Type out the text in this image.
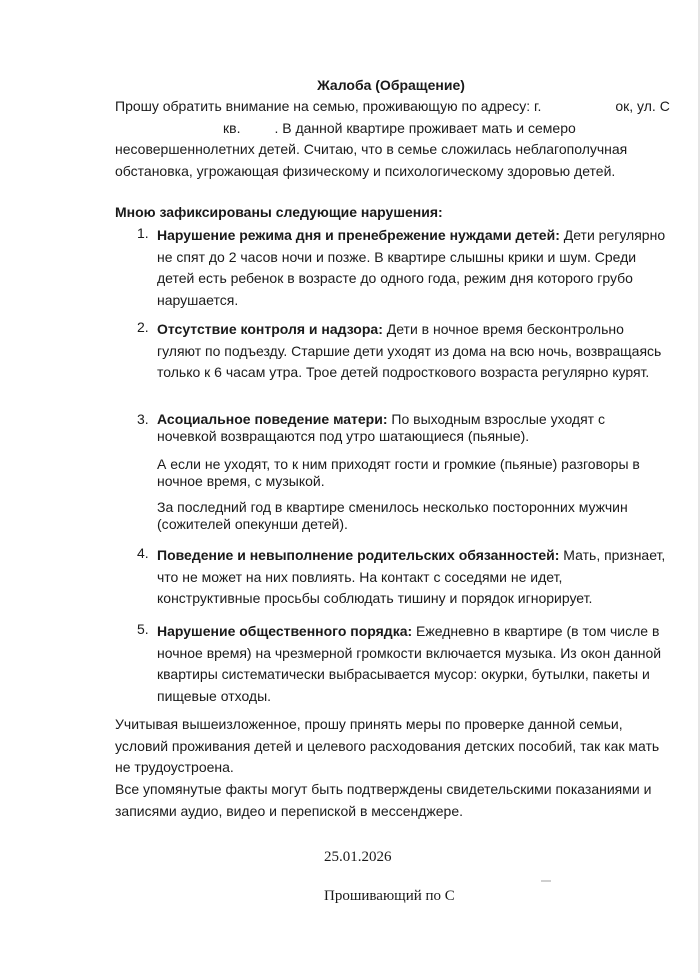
Жалоба (Обращение)

Прошу обратить внимание на семью, проживающую по адресу: г.	ок, ул. Скв. . В данной квартире проживает мать и семеро несовершеннолетних детей. Считаю, что в семье сложилась неблагополучная обстановка, угрожающая физическому и психологическому здоровью детей.

Мною зафиксированы следующие нарушения:
1. Нарушение режима дня и пренебрежение нуждами детей: Дети регулярно не спят до 2 часов ночи и позже. В квартире слышны крики и шум. Среди детей есть ребенок в возрасте до одного года, режим дня которого грубо нарушается.
2. Отсутствие контроля и надзора: Дети в ночное время бесконтрольно гуляют по подъезду. Старшие дети уходят из дома на всю ночь, возвращаясь только к 6 часам утра. Трое детей подросткового возраста регулярно курят.
3. Асоциальное поведение матери: По выходным взрослые уходят с ночевкой возвращаются под утро шатающиеся (пьяные).
А если не уходят, то к ним приходят гости и громкие (пьяные) разговоры в ночное время, с музыкой.
За последний год в квартире сменилось несколько посторонних мужчин (сожителей опекунши детей).
4. Поведение и невыполнение родительских обязанностей: Мать, признает, что не может на них повлиять. На контакт с соседями не идет, конструктивные просьбы соблюдать тишину и порядок игнорирует.
5. Нарушение общественного порядка: Ежедневно в квартире (в том числе в ночное время) на чрезмерной громкости включается музыка. Из окон данной квартиры систематически выбрасывается мусор: окурки, бутылки, пакеты и пищевые отходы.

Учитывая вышеизложенное, прошу принять меры по проверке данной семьи, условий проживания детей и целевого расходования детских пособий, так как мать не трудоустроена.

Все упомянутые факты могут быть подтверждены свидетельскими показаниями и записями аудио, видео и перепиской в мессенджере.

25.01.2026
Прошивающий по С
